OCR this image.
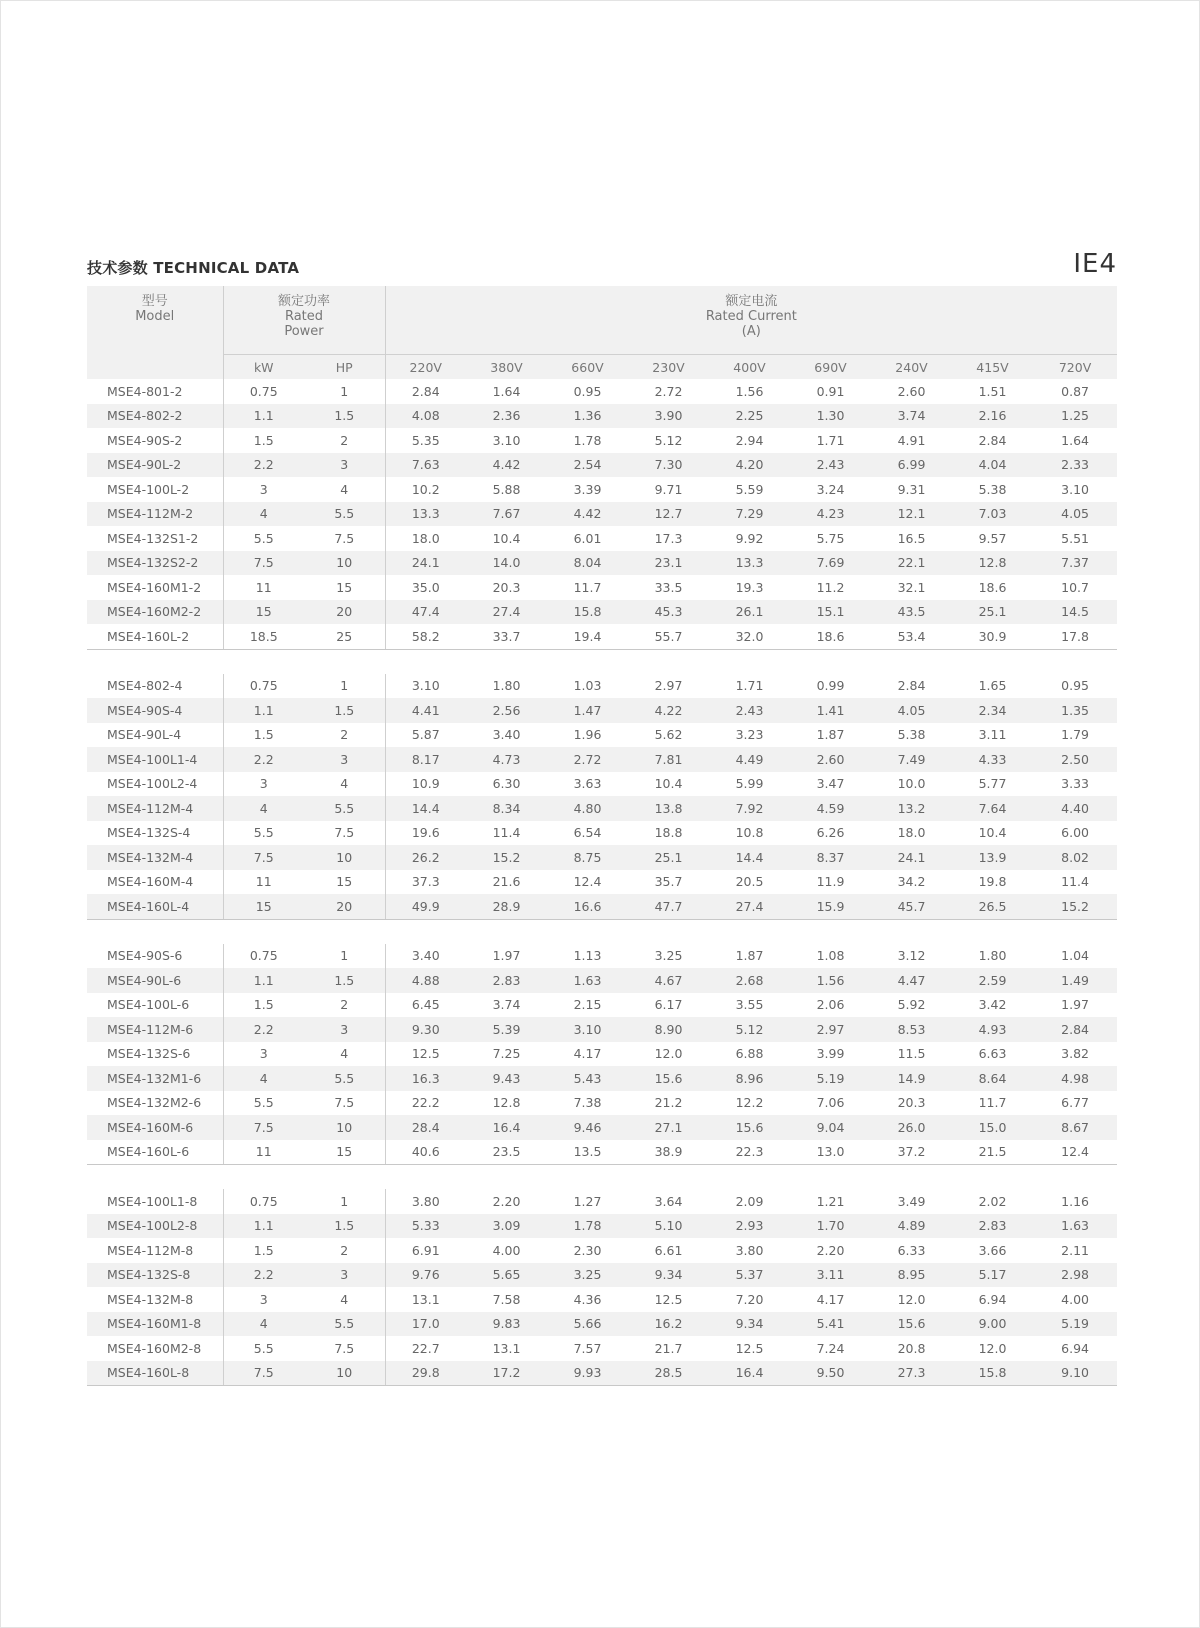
技术参数 TECHNICAL DATA	IE4
型号
Model	额定功率
Rated
Power		额定电流
Rated Current
(A)								

	kW	HP	220V	380V	660V	230V	400V	690V	240V	415V	720V
MSE4-801-2	0.75	1	2.84	1.64	0.95	2.72	1.56	0.91	2.60	1.51	0.87
MSE4-802-2	1.1	1.5	4.08	2.36	1.36	3.90	2.25	1.30	3.74	2.16	1.25
MSE4-90S-2	1.5	2	5.35	3.10	1.78	5.12	2.94	1.71	4.91	2.84	1.64
MSE4-90L-2	2.2	3	7.63	4.42	2.54	7.30	4.20	2.43	6.99	4.04	2.33
MSE4-100L-2	3	4	10.2	5.88	3.39	9.71	5.59	3.24	9.31	5.38	3.10
MSE4-112M-2	4	5.5	13.3	7.67	4.42	12.7	7.29	4.23	12.1	7.03	4.05
MSE4-132S1-2	5.5	7.5	18.0	10.4	6.01	17.3	9.92	5.75	16.5	9.57	5.51
MSE4-132S2-2	7.5	10	24.1	14.0	8.04	23.1	13.3	7.69	22.1	12.8	7.37
MSE4-160M1-2	11	15	35.0	20.3	11.7	33.5	19.3	11.2	32.1	18.6	10.7
MSE4-160M2-2	15	20	47.4	27.4	15.8	45.3	26.1	15.1	43.5	25.1	14.5
MSE4-160L-2	18.5	25	58.2	33.7	19.4	55.7	32.0	18.6	53.4	30.9	17.8

MSE4-802-4	0.75	1	3.10	1.80	1.03	2.97	1.71	0.99	2.84	1.65	0.95
MSE4-90S-4	1.1	1.5	4.41	2.56	1.47	4.22	2.43	1.41	4.05	2.34	1.35
MSE4-90L-4	1.5	2	5.87	3.40	1.96	5.62	3.23	1.87	5.38	3.11	1.79
MSE4-100L1-4	2.2	3	8.17	4.73	2.72	7.81	4.49	2.60	7.49	4.33	2.50
MSE4-100L2-4	3	4	10.9	6.30	3.63	10.4	5.99	3.47	10.0	5.77	3.33
MSE4-112M-4	4	5.5	14.4	8.34	4.80	13.8	7.92	4.59	13.2	7.64	4.40
MSE4-132S-4	5.5	7.5	19.6	11.4	6.54	18.8	10.8	6.26	18.0	10.4	6.00
MSE4-132M-4	7.5	10	26.2	15.2	8.75	25.1	14.4	8.37	24.1	13.9	8.02
MSE4-160M-4	11	15	37.3	21.6	12.4	35.7	20.5	11.9	34.2	19.8	11.4
MSE4-160L-4	15	20	49.9	28.9	16.6	47.7	27.4	15.9	45.7	26.5	15.2

MSE4-90S-6	0.75	1	3.40	1.97	1.13	3.25	1.87	1.08	3.12	1.80	1.04
MSE4-90L-6	1.1	1.5	4.88	2.83	1.63	4.67	2.68	1.56	4.47	2.59	1.49
MSE4-100L-6	1.5	2	6.45	3.74	2.15	6.17	3.55	2.06	5.92	3.42	1.97
MSE4-112M-6	2.2	3	9.30	5.39	3.10	8.90	5.12	2.97	8.53	4.93	2.84
MSE4-132S-6	3	4	12.5	7.25	4.17	12.0	6.88	3.99	11.5	6.63	3.82
MSE4-132M1-6	4	5.5	16.3	9.43	5.43	15.6	8.96	5.19	14.9	8.64	4.98
MSE4-132M2-6	5.5	7.5	22.2	12.8	7.38	21.2	12.2	7.06	20.3	11.7	6.77
MSE4-160M-6	7.5	10	28.4	16.4	9.46	27.1	15.6	9.04	26.0	15.0	8.67
MSE4-160L-6	11	15	40.6	23.5	13.5	38.9	22.3	13.0	37.2	21.5	12.4

MSE4-100L1-8	0.75	1	3.80	2.20	1.27	3.64	2.09	1.21	3.49	2.02	1.16
MSE4-100L2-8	1.1	1.5	5.33	3.09	1.78	5.10	2.93	1.70	4.89	2.83	1.63
MSE4-112M-8	1.5	2	6.91	4.00	2.30	6.61	3.80	2.20	6.33	3.66	2.11
MSE4-132S-8	2.2	3	9.76	5.65	3.25	9.34	5.37	3.11	8.95	5.17	2.98
MSE4-132M-8	3	4	13.1	7.58	4.36	12.5	7.20	4.17	12.0	6.94	4.00
MSE4-160M1-8	4	5.5	17.0	9.83	5.66	16.2	9.34	5.41	15.6	9.00	5.19
MSE4-160M2-8	5.5	7.5	22.7	13.1	7.57	21.7	12.5	7.24	20.8	12.0	6.94
MSE4-160L-8	7.5	10	29.8	17.2	9.93	28.5	16.4	9.50	27.3	15.8	9.10
